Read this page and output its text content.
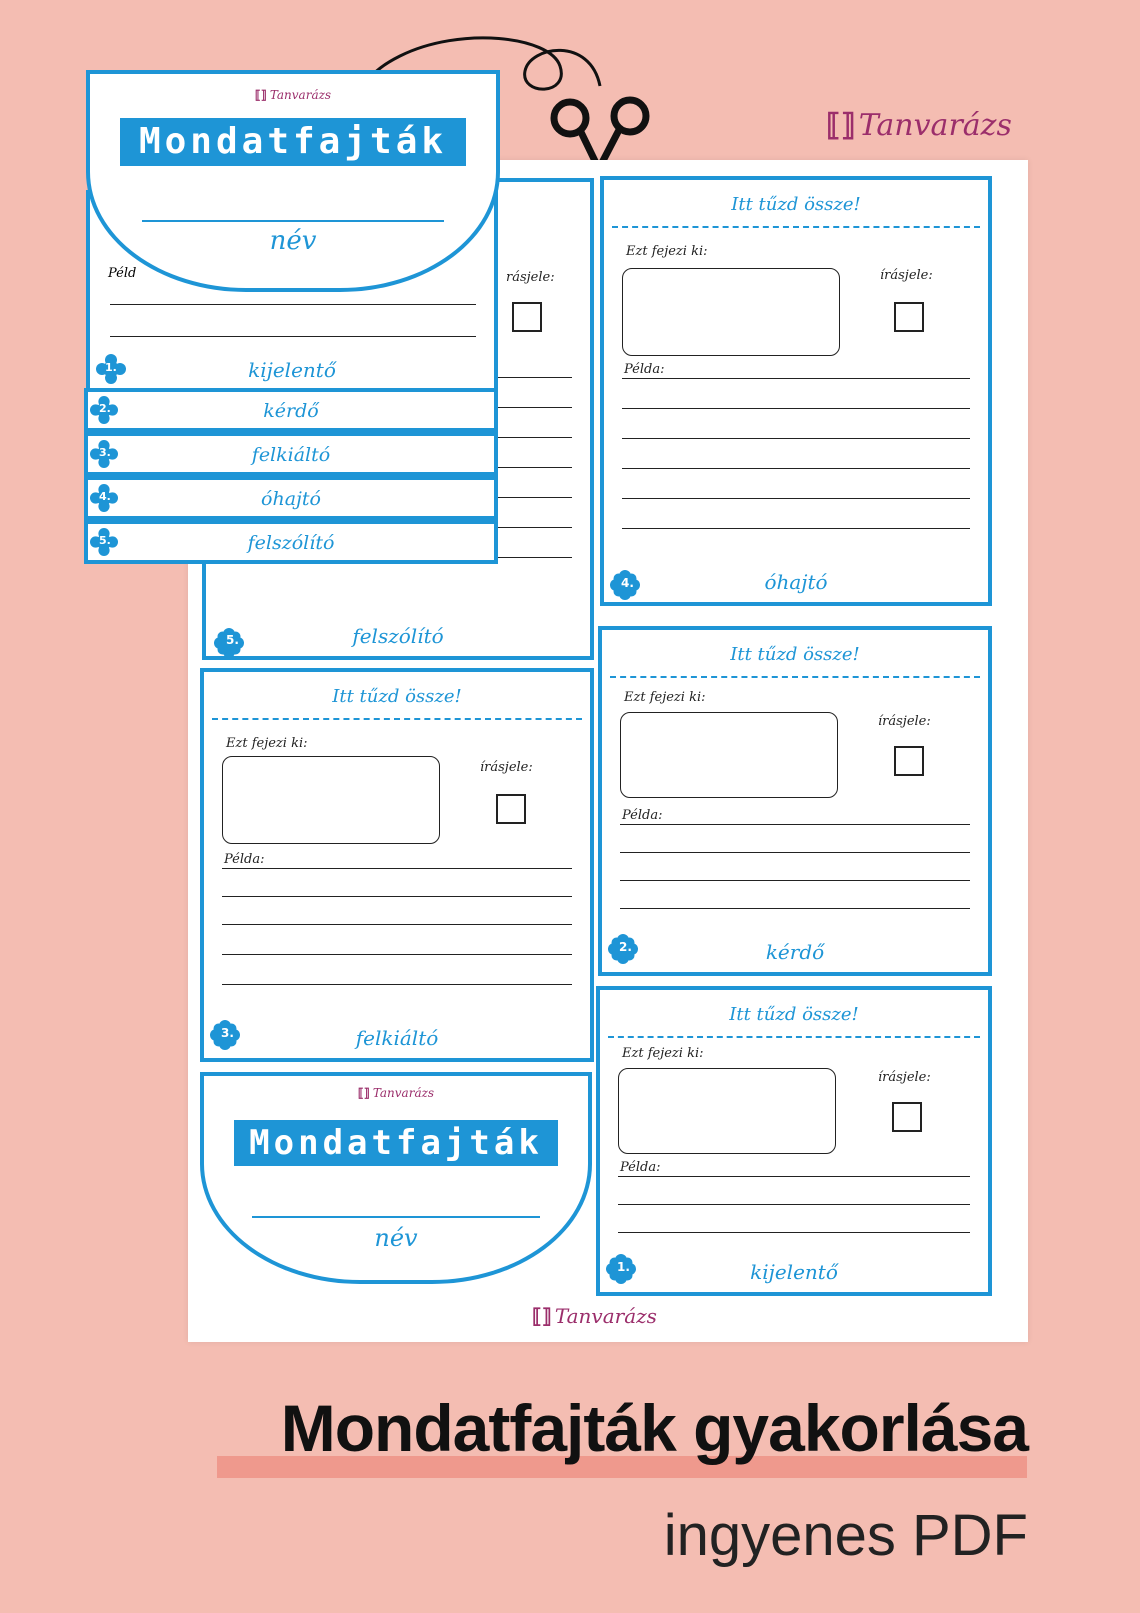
⟦⟧ Tanvarázs
rásjele:
5.	felszólító
Itt tűzd össze!
Ezt fejezi ki:
írásjele:
Példa:
4.	óhajtó
Itt tűzd össze!
Ezt fejezi ki:
írásjele:
Példa:
3.	felkiáltó
Itt tűzd össze!
Ezt fejezi ki:
írásjele:
Példa:
2.	kérdő
Itt tűzd össze!
Ezt fejezi ki:
írásjele:
Példa:
1.	kijelentő
⟦⟧ Tanvarázs
Mondatfajták
név
⟦⟧ Tanvarázs
5.	felszólító
4.	óhajtó
3.	felkiáltó
2.	kérdő
Péld
1.	kijelentő
⟦⟧ Tanvarázs
Mondatfajták
név
Mondatfajták gyakorlása
ingyenes PDF
